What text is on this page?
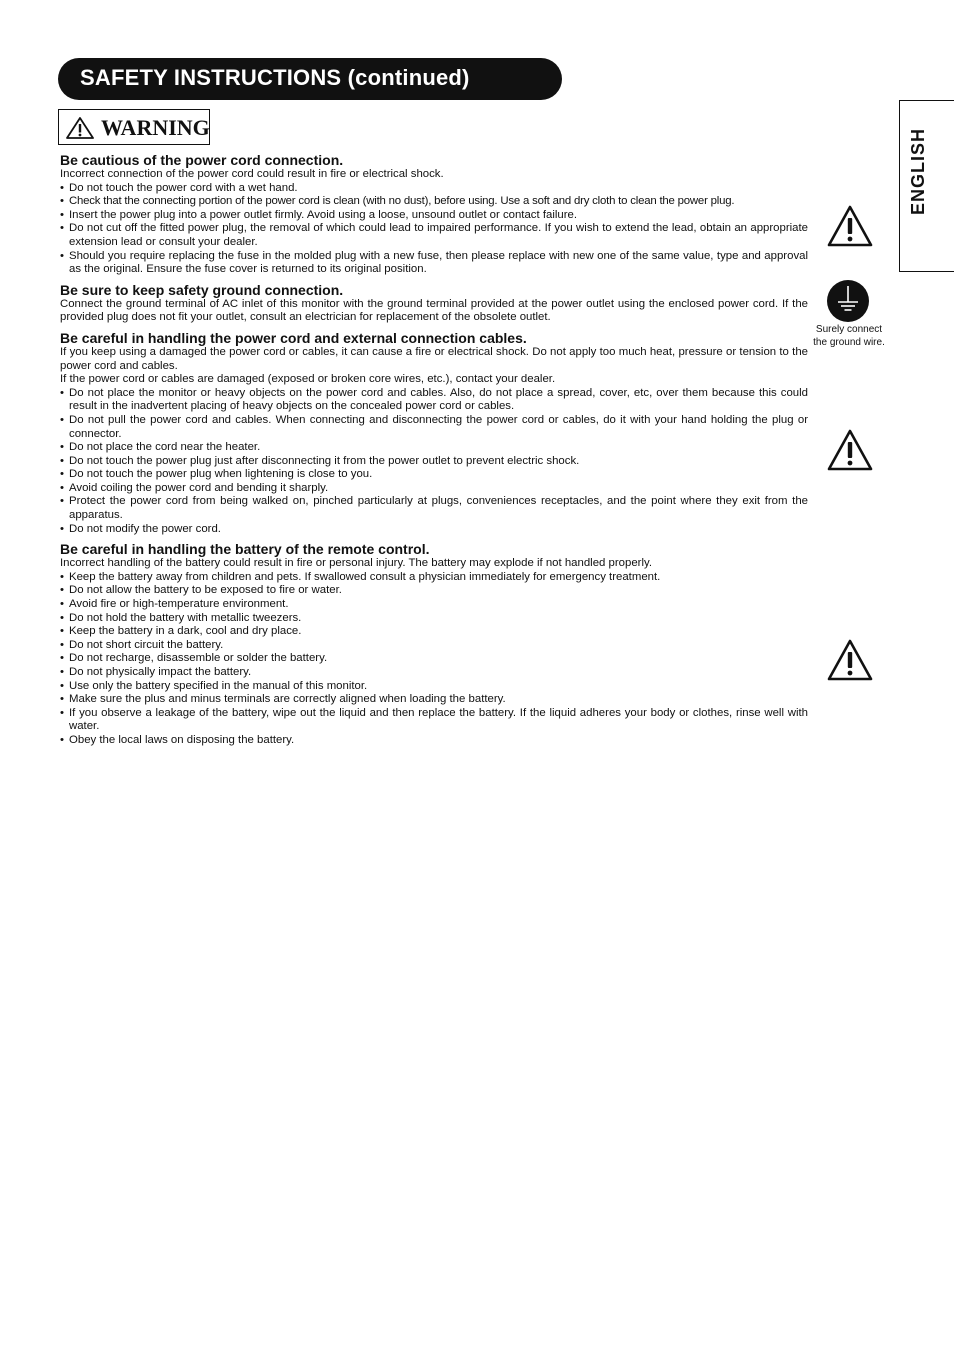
SAFETY INSTRUCTIONS (continued)
WARNING
ENGLISH
Be cautious of the power cord connection.
Incorrect connection of the power cord could result in fire or electrical shock.
• Do not touch the power cord with a wet hand.
• Check that the connecting portion of the power cord is clean (with no dust), before using. Use a soft and dry cloth to clean the power plug.
• Insert the power plug into a power outlet firmly. Avoid using a loose, unsound outlet or contact failure.
• Do not cut off the fitted power plug, the removal of which could lead to impaired performance. If you wish to extend the lead, obtain an appropriate extension lead or consult your dealer.
• Should you require replacing the fuse in the molded plug with a new fuse, then please replace with new one of the same value, type and approval as the original. Ensure the fuse cover is returned to its original position.
Be sure to keep safety ground connection.
Connect the ground terminal of AC inlet of this monitor with the ground terminal provided at the power outlet using the enclosed power cord. If the provided plug does not fit your outlet, consult an electrician for replacement of the obsolete outlet.
Be careful in handling the power cord and external connection cables.
If you keep using a damaged the power cord or cables, it can cause a fire or electrical shock. Do not apply too much heat, pressure or tension to the power cord and cables.
If the power cord or cables are damaged (exposed or broken core wires, etc.), contact your dealer.
• Do not place the monitor or heavy objects on the power cord and cables. Also, do not place a spread, cover, etc, over them because this could result in the inadvertent placing of heavy objects on the concealed power cord or cables.
• Do not pull the power cord and cables. When connecting and disconnecting the power cord or cables, do it with your hand holding the plug or connector.
• Do not place the cord near the heater.
• Do not touch the power plug just after disconnecting it from the power outlet to prevent electric shock.
• Do not touch the power plug when lightening is close to you.
• Avoid coiling the power cord and bending it sharply.
• Protect the power cord from being walked on, pinched particularly at plugs, conveniences receptacles, and the point where they exit from the apparatus.
• Do not modify the power cord.
Be careful in handling the battery of the remote control.
Incorrect handling of the battery could result in fire or personal injury. The battery may explode if not handled properly.
• Keep the battery away from children and pets. If swallowed consult a physician immediately for emergency treatment.
• Do not allow the battery to be exposed to fire or water.
• Avoid fire or high-temperature environment.
• Do not hold the battery with metallic tweezers.
• Keep the battery in a dark, cool and dry place.
• Do not short circuit the battery.
• Do not recharge, disassemble or solder the battery.
• Do not physically impact the battery.
• Use only the battery specified in the manual of this monitor.
• Make sure the plus and minus terminals are correctly aligned when loading the battery.
• If you observe a leakage of the battery, wipe out the liquid and then replace the battery. If the liquid adheres your body or clothes, rinse well with water.
• Obey the local laws on disposing the battery.
Surely connect
the ground wire.
